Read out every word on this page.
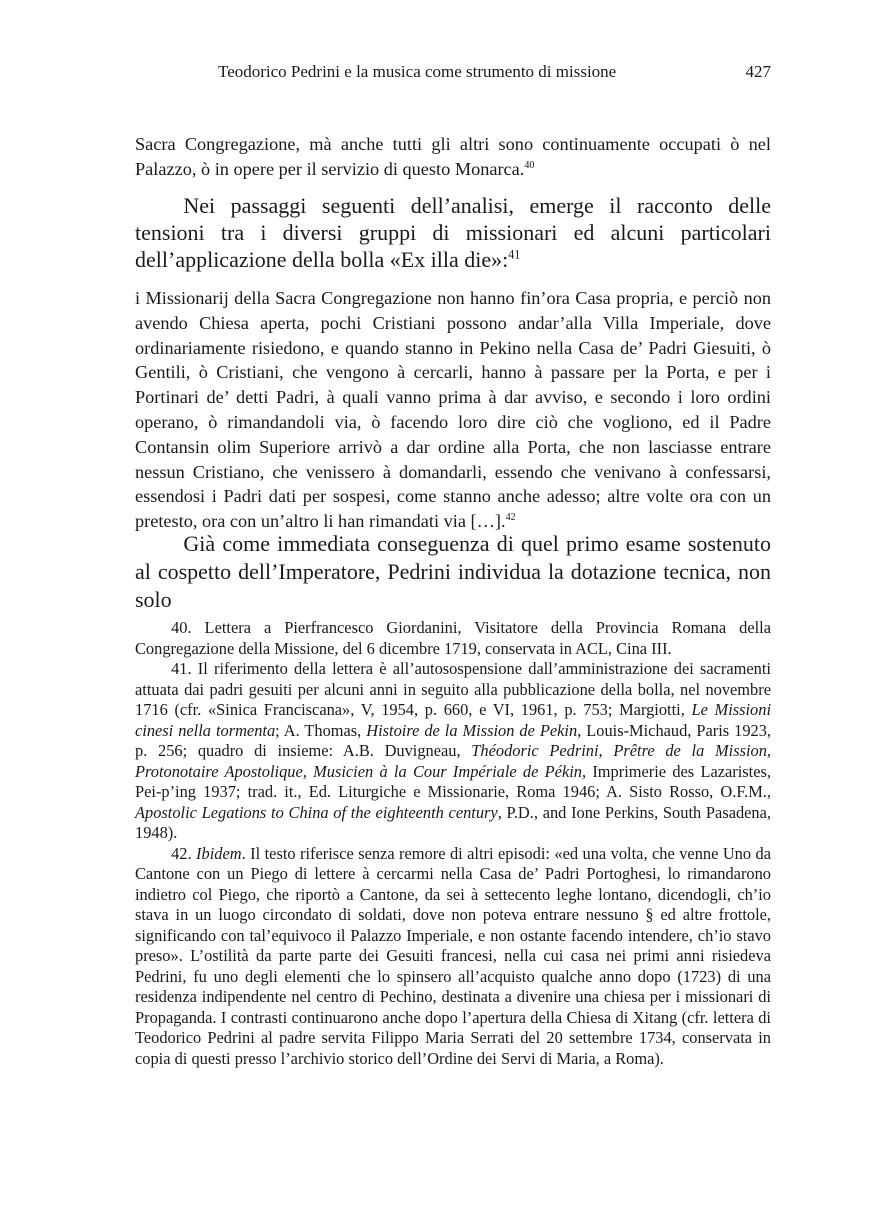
Teodorico Pedrini e la musica come strumento di missione	427

Sacra Congregazione, mà anche tutti gli altri sono continuamente occupati ò nel Palazzo, ò in opere per il servizio di questo Monarca.$^{40}$

Nei passaggi seguenti dell’analisi, emerge il racconto delle tensioni tra i diversi gruppi di missionari ed alcuni particolari dell’applicazione della bolla «Ex illa die»:$^{41}$

i Missionarij della Sacra Congregazione non hanno fin’ora Casa propria, e perciò non avendo Chiesa aperta, pochi Cristiani possono andar’alla Villa Imperiale, dove ordinariamente risiedono, e quando stanno in Pekino nella Casa de’ Padri Giesuiti, ò Gentili, ò Cristiani, che vengono à cercarli, hanno à passare per la Porta, e per i Portinari de’ detti Padri, à quali vanno prima à dar avviso, e secondo i loro ordini operano, ò rimandandoli via, ò facendo loro dire ciò che vogliono, ed il Padre Contansin olim Superiore arrivò a dar ordine alla Porta, che non lasciasse entrare nessun Cristiano, che venissero à domandarli, essendo che venivano à confessarsi, essendosi i Padri dati per sospesi, come stanno anche adesso; altre volte ora con un pretesto, ora con un’altro li han rimandati via […].$^{42}$

Già come immediata conseguenza di quel primo esame sostenuto al cospetto dell’Imperatore, Pedrini individua la dotazione tecnica, non solo

40. Lettera a Pierfrancesco Giordanini, Visitatore della Provincia Romana della Congregazione della Missione, del 6 dicembre 1719, conservata in ACL, Cina III.

41. Il riferimento della lettera è all’autosospensione dall’amministrazione dei sacramenti attuata dai padri gesuiti per alcuni anni in seguito alla pubblicazione della bolla, nel novembre 1716 (cfr. «Sinica Franciscana», V, 1954, p. 660, e VI, 1961, p. 753; Margiotti, Le Missioni cinesi nella tormenta; A. Thomas, Histoire de la Mission de Pekin, Louis-Michaud, Paris 1923, p. 256; quadro di insieme: A.B. Duvigneau, Théodoric Pedrini, Prêtre de la Mission, Protonotaire Apostolique, Musicien à la Cour Impériale de Pékin, Imprimerie des Lazaristes, Pei-p’ing 1937; trad. it., Ed. Liturgiche e Missionarie, Roma 1946; A. Sisto Rosso, O.F.M., Apostolic Legations to China of the eighteenth century, P.D., and Ione Perkins, South Pasadena, 1948).

42. Ibidem. Il testo riferisce senza remore di altri episodi: «ed una volta, che venne Uno da Cantone con un Piego di lettere à cercarmi nella Casa de’ Padri Portoghesi, lo rimandarono indietro col Piego, che riportò a Cantone, da sei à settecento leghe lontano, dicendogli, ch’io stava in un luogo circondato di soldati, dove non poteva entrare nessuno § ed altre frottole, significando con tal’equivoco il Palazzo Imperiale, e non ostante facendo intendere, ch’io stavo preso». L’ostilità da parte parte dei Gesuiti francesi, nella cui casa nei primi anni risiedeva Pedrini, fu uno degli elementi che lo spinsero all’acquisto qualche anno dopo (1723) di una residenza indipendente nel centro di Pechino, destinata a divenire una chiesa per i missionari di Propaganda. I contrasti continuarono anche dopo l’apertura della Chiesa di Xitang (cfr. lettera di Teodorico Pedrini al padre servita Filippo Maria Serrati del 20 settembre 1734, conservata in copia di questi presso l’archivio storico dell’Ordine dei Servi di Maria, a Roma).
